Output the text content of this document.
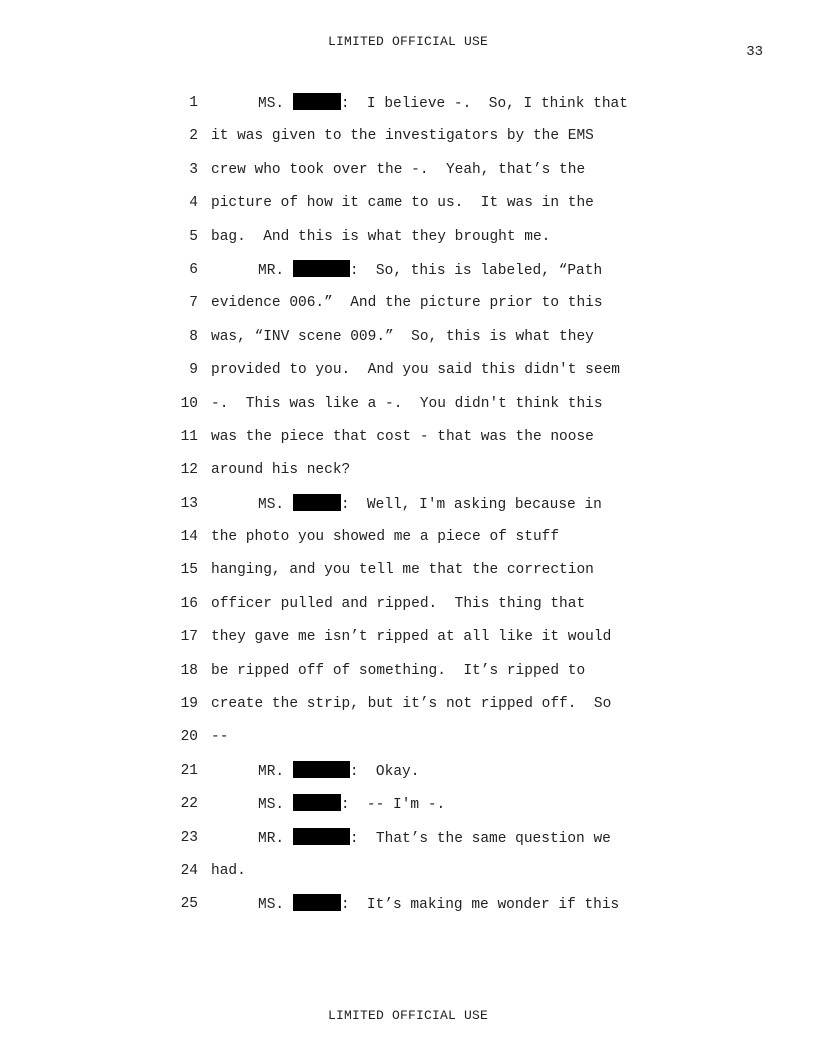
LIMITED OFFICIAL USE
33
1	MS.	:  I believe -.  So, I think that
2 it was given to the investigators by the EMS
3 crew who took over the -.  Yeah, that’s the
4 picture of how it came to us.  It was in the
5 bag.  And this is what they brought me.
6	MR.	:  So, this is labeled, “Path
7 evidence 006.”  And the picture prior to this
8 was, “INV scene 009.”  So, this is what they
9 provided to you.  And you said this didn't seem
10 -.  This was like a -.  You didn't think this
11 was the piece that cost - that was the noose
12 around his neck?
13	MS.	:  Well, I'm asking because in
14 the photo you showed me a piece of stuff
15 hanging, and you tell me that the correction
16 officer pulled and ripped.  This thing that
17 they gave me isn’t ripped at all like it would
18 be ripped off of something.  It’s ripped to
19 create the strip, but it’s not ripped off.  So
20 --
21	MR.	:  Okay.
22	MS.	:  -- I'm -.
23	MR.	:  That’s the same question we
24 had.
25	MS.	:  It’s making me wonder if this
LIMITED OFFICIAL USE
